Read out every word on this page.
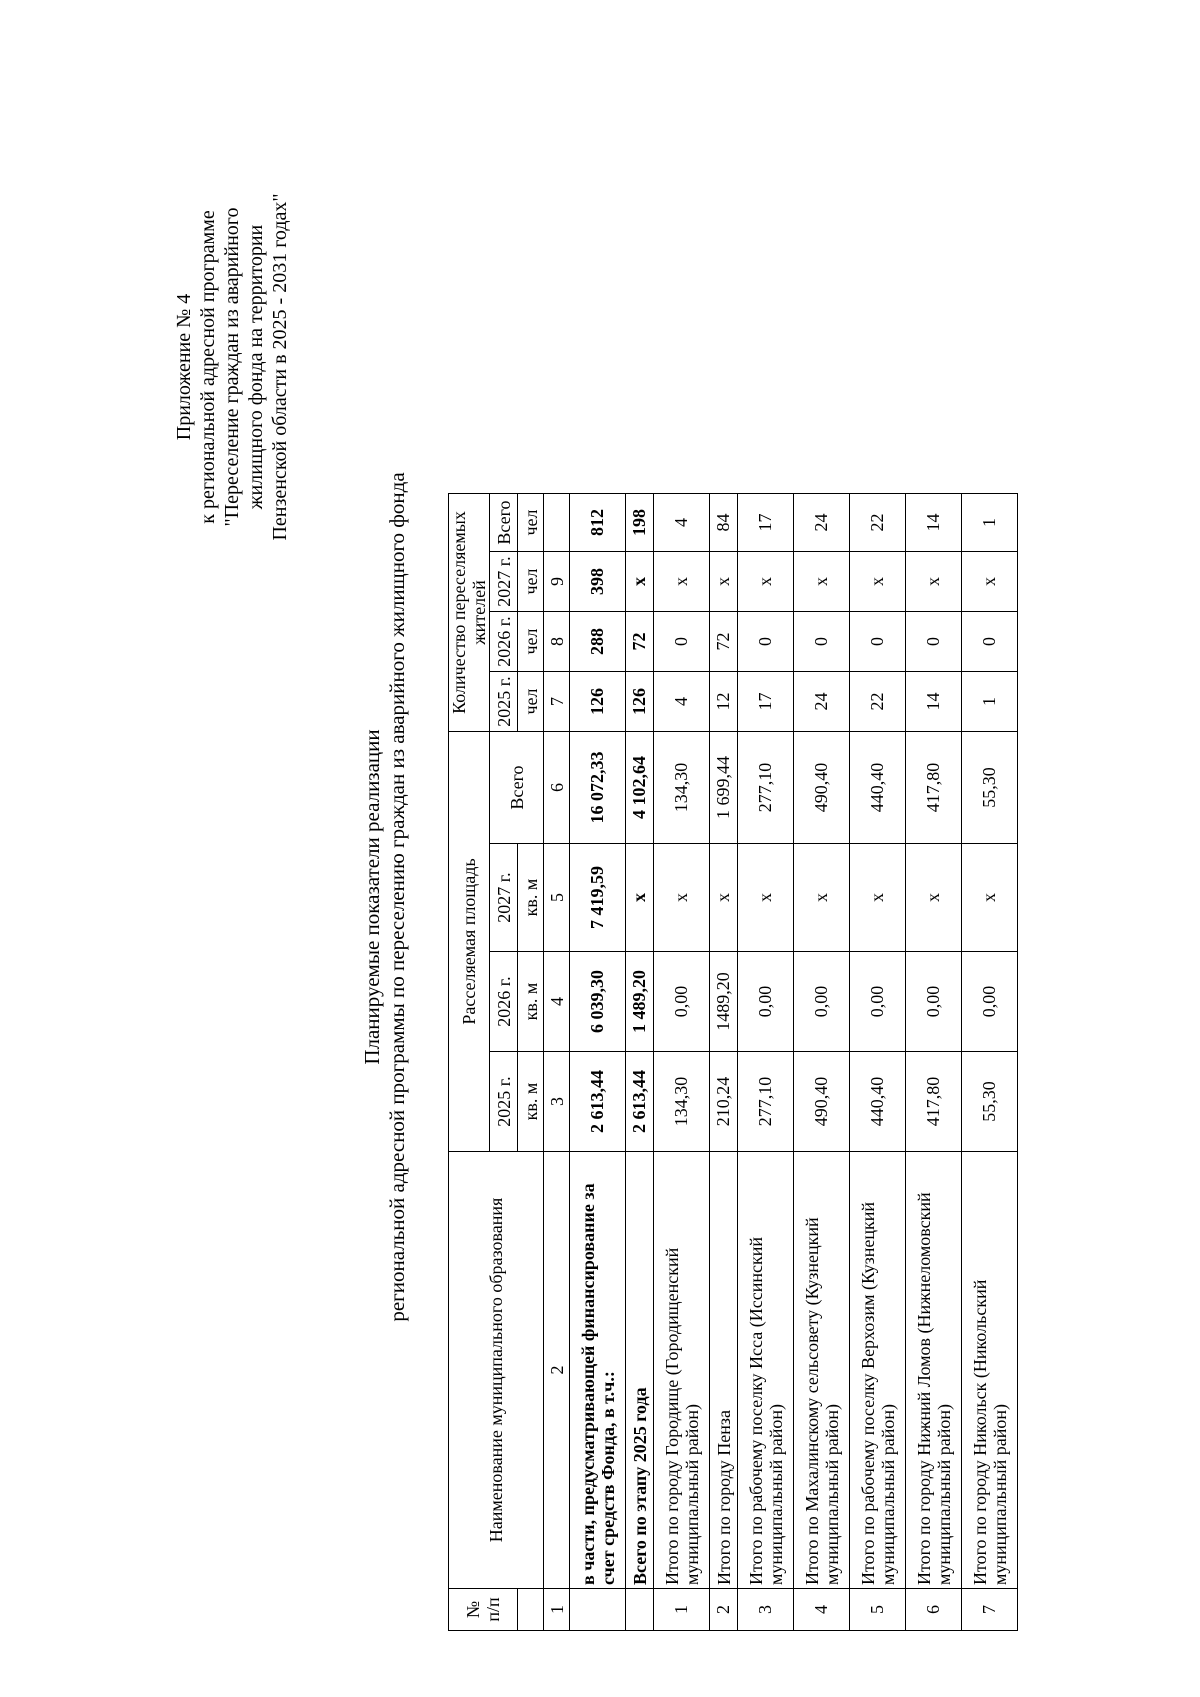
Приложение № 4 к региональной адресной программе "Переселение граждан из аварийного жилищного фонда на территории Пензенской области в 2025 - 2031 годах"
Планируемые показатели реализации региональной адресной программы по переселению граждан из аварийного жилищного фонда
№ п/п	Наименование муниципального образования	Расселяемая площадь				Количество переселяемых жителей			
		2025 г.	2026 г.	2027 г.	Всего	2025 г.	2026 г.	2027 г.	Всего
		кв. м	кв. м	кв. м		чел	чел	чел	чел
1	2	3	4	5	6	7	8	9	
	в части, предусматривающей финансирование за счет средств Фонда, в т.ч.:	2 613,44	6 039,30	7 419,59	16 072,33	126	288	398	812
	Всего по этапу 2025 года	2 613,44	1 489,20	х	4 102,64	126	72	х	198
1	Итого по городу Городище (Городищенский муниципальный район)	134,30	0,00	х	134,30	4	0	х	4
2	Итого по городу Пенза	210,24	1489,20	х	1 699,44	12	72	х	84
3	Итого по рабочему поселку Исса (Иссинский муниципальный район)	277,10	0,00	х	277,10	17	0	х	17
4	Итого по Махалинскому сельсовету (Кузнецкий муниципальный район)	490,40	0,00	х	490,40	24	0	х	24
5	Итого по рабочему поселку Верхозим (Кузнецкий муниципальный район)	440,40	0,00	х	440,40	22	0	х	22
6	Итого по городу Нижний Ломов (Нижнеломовский муниципальный район)	417,80	0,00	х	417,80	14	0	х	14
7	Итого по городу Никольск (Никольский муниципальный район)	55,30	0,00	х	55,30	1	0	х	1
